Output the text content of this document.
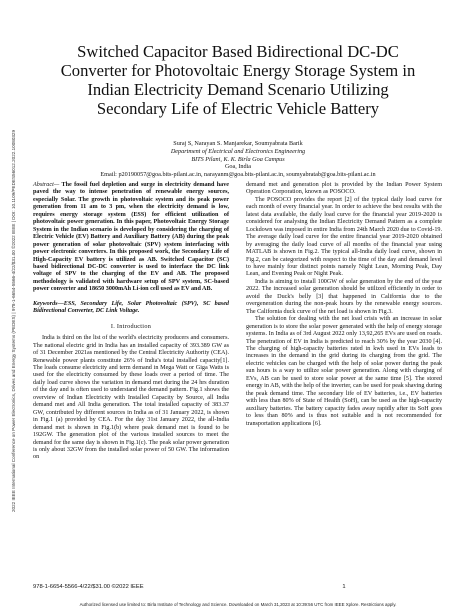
2022 IEEE International Conference on Power Electronics, Drives and Energy Systems (PEDES) | 978-1-6654-5566-4/22/$31.00 ©2022 IEEE | DOI: 10.1109/PEDES56012.2022.10080329
Switched Capacitor Based Bidirectional DC-DC
Converter for Photovoltaic Energy Storage System in
Indian Electricity Demand Scenario Utilizing
Secondary Life of Electric Vehicle Battery
Suraj S, Narayan S. Manjarekar, Soumyabrata Barik
Department of Electrical and Electronics Engineering
BITS Pilani, K. K. Birla Goa Campus
Goa, India
Email: p20190057@goa.bits-pilani.ac.in, narayanm@goa.bits-pilani.ac.in, soumyabratab@goa.bits-pilani.ac.in

Abstract— The fossil fuel depletion and surge in electricity demand have paved the way to intense penetration of renewable energy sources, especially Solar. The growth in photovoltaic system and its peak power generation from 11 am to 3 pm, when the electricity demand is low, requires energy storage system (ESS) for efficient utilization of photovoltaic power generation. In this paper, Photovoltaic Energy Storage System in the Indian scenario is developed by considering the charging of Electric Vehicle (EV) Battery and Auxiliary Battery (AB) during the peak power generation of solar photovoltaic (SPV) system interfacing with power electronic converters. In this proposed work, the Secondary Life of High-Capacity EV battery is utilized as AB. Switched Capacitor (SC) based bidirectional DC-DC converter is used to interface the DC link voltage of SPV to the charging of the EV and AB. The proposed methodology is validated with hardware setup of SPV system, SC-based power converter and 18650 3000mAh Li-ion cell used as EV and AB.

Keywords—ESS, Secondary Life, Solar Photovoltaic (SPV), SC based Bidirectional Converter, DC Link Voltage.

I. Introduction

India is third on the list of the world's electricity producers and consumers. The national electric grid in India has an installed capacity of 393.389 GW as of 31 December 2021as mentioned by the Central Electricity Authority (CEA). Renewable power plants constitute 26% of India's total installed capacity[1]. The loads consume electricity and term demand in Mega Watt or Giga Watts is used for the electricity consumed by these loads over a period of time. The daily load curve shows the variation in demand met during the 24 hrs duration of the day and is often used to understand the demand pattern. Fig.1 shows the overview of Indian Electricity with Installed Capacity by Source, all India demand met and All India generation. The total installed capacity of 383.37 GW, contributed by different sources in India as of 31 January 2022, is shown in Fig.1 (a) provided by CEA. For the day 31st January 2022, the all-India demand met is shown in Fig.1(b) where peak demand met is found to be 192GW. The generation plot of the various installed sources to meet the demand for the same day is shown in Fig.1(c). The peak solar power generation is only about 32GW from the installed solar power of 50 GW. The information on

demand met and generation plot is provided by the Indian Power System Operation Corporation, known as POSOCO.

The POSOCO provides the report [2] of the typical daily load curve for each month of every financial year. In order to achieve the best results with the latest data available, the daily load curve for the financial year 2019-2020 is considered for analysing the Indian Electricity Demand Pattern as a complete Lockdown was imposed in entire India from 24th March 2020 due to Covid-19. The average daily load curve for the entire financial year 2019-2020 obtained by averaging the daily load curve of all months of the financial year using MATLAB is shown in Fig.2. The typical all-India daily load curve, shown in Fig.2, can be categorized with respect to the time of the day and demand level to have mainly four distinct points namely Night Lean, Morning Peak, Day Lean, and Evening Peak or Night Peak.

India is aiming to install 100GW of solar generation by the end of the year 2022. The increased solar generation should be utilized efficiently in order to avoid the Duck's belly [3] that happened in California due to the overgeneration during the non-peak hours by the renewable energy sources. The California duck curve of the net load is shown in Fig.3.

The solution for dealing with the net load crisis with an increase in solar generation is to store the solar power generated with the help of energy storage systems. In India as of 3rd August 2022 only 13,92,265 EVs are used on roads. The penetration of EV in India is predicted to reach 30% by the year 2030 [4]. The charging of high-capacity batteries rated in kwh used in EVs leads to increases in the demand in the grid during its charging from the grid. The electric vehicles can be charged with the help of solar power during the peak sun hours is a way to utilize solar power generation. Along with charging of EVs, AB can be used to store solar power at the same time [5]. The stored energy in AB, with the help of the inverter, can be used for peak shaving during the peak demand time. The secondary life of EV batteries, i.e., EV batteries with less than 80% of State of Health (SoH), can be used as the high-capacity auxiliary batteries. The battery capacity fades away rapidly after its SoH goes to less than 80% and is thus not suitable and is not recommended for transportation applications [6].

978-1-6654-5566-4/22/$31.00 ©2022 IEEE	1
Authorized licensed use limited to: Birla Institute of Technology and Science. Downloaded on March 31,2023 at 10:39:56 UTC from IEEE Xplore. Restrictions apply.
